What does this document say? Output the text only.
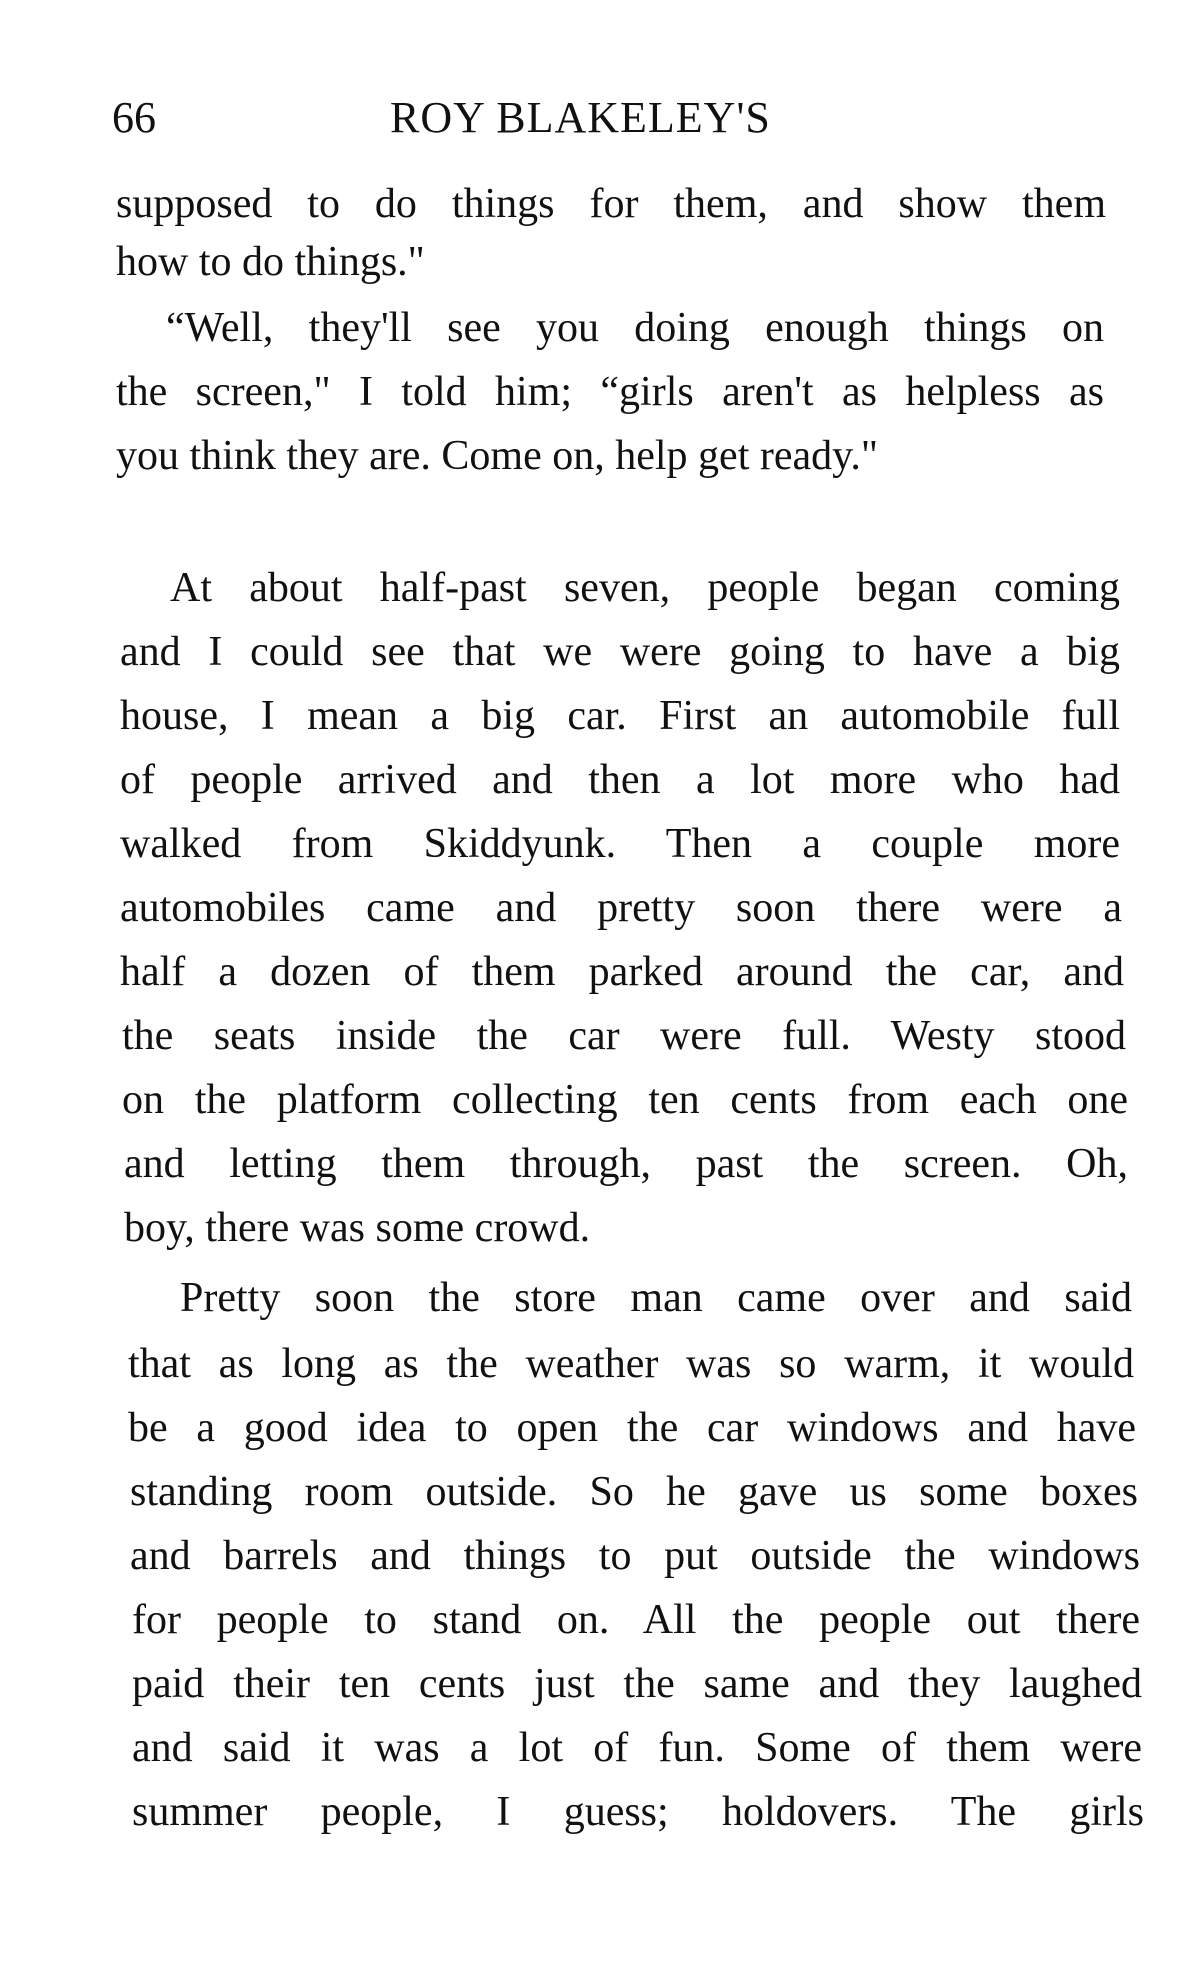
66	ROY BLAKELEY'S
supposed to do things for them, and show them
how to do things."
“Well, they'll see you doing enough things on
the screen," I told him; “girls aren't as helpless as
you think they are. Come on, help get ready."
At about half-past seven, people began coming
and I could see that we were going to have a big
house, I mean a big car. First an automobile full
of people arrived and then a lot more who had
walked from Skiddyunk. Then a couple more
automobiles came and pretty soon there were a
half a dozen of them parked around the car, and
the seats inside the car were full. Westy stood
on the platform collecting ten cents from each one
and letting them through, past the screen. Oh,
boy, there was some crowd.
Pretty soon the store man came over and said
that as long as the weather was so warm, it would
be a good idea to open the car windows and have
standing room outside. So he gave us some boxes
and barrels and things to put outside the windows
for people to stand on. All the people out there
paid their ten cents just the same and they laughed
and said it was a lot of fun. Some of them were
summer people, I guess; holdovers. The girls
